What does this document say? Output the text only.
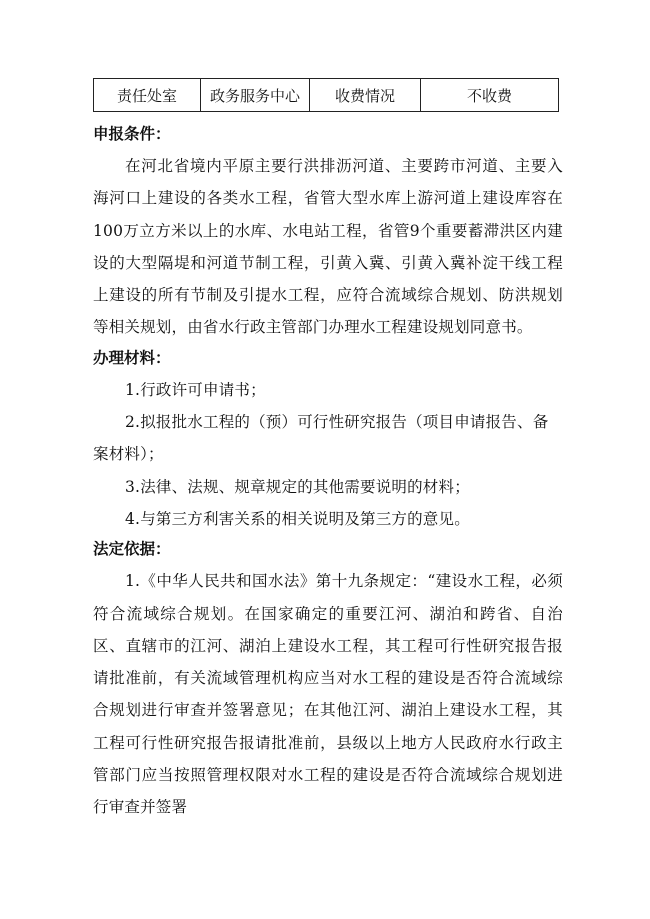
责任处室	政务服务中心	收费情况	不收费
申报条件：

在河北省境内平原主要行洪排沥河道、主要跨市河道、主要入海河口上建设的各类水工程，省管大型水库上游河道上建设库容在100万立方米以上的水库、水电站工程，省管9个重要蓄滞洪区内建设的大型隔堤和河道节制工程，引黄入冀、引黄入冀补淀干线工程上建设的所有节制及引提水工程，应符合流域综合规划、防洪规划等相关规划，由省水行政主管部门办理水工程建设规划同意书。

办理材料：

1.行政许可申请书；

2.拟报批水工程的（预）可行性研究报告（项目申请报告、备案材料）；

3.法律、法规、规章规定的其他需要说明的材料；

4.与第三方利害关系的相关说明及第三方的意见。

法定依据：

1.《中华人民共和国水法》第十九条规定：“建设水工程，必须符合流域综合规划。在国家确定的重要江河、湖泊和跨省、自治区、直辖市的江河、湖泊上建设水工程，其工程可行性研究报告报请批准前，有关流域管理机构应当对水工程的建设是否符合流域综合规划进行审查并签署意见；在其他江河、湖泊上建设水工程，其工程可行性研究报告报请批准前，县级以上地方人民政府水行政主管部门应当按照管理权限对水工程的建设是否符合流域综合规划进行审查并签署
